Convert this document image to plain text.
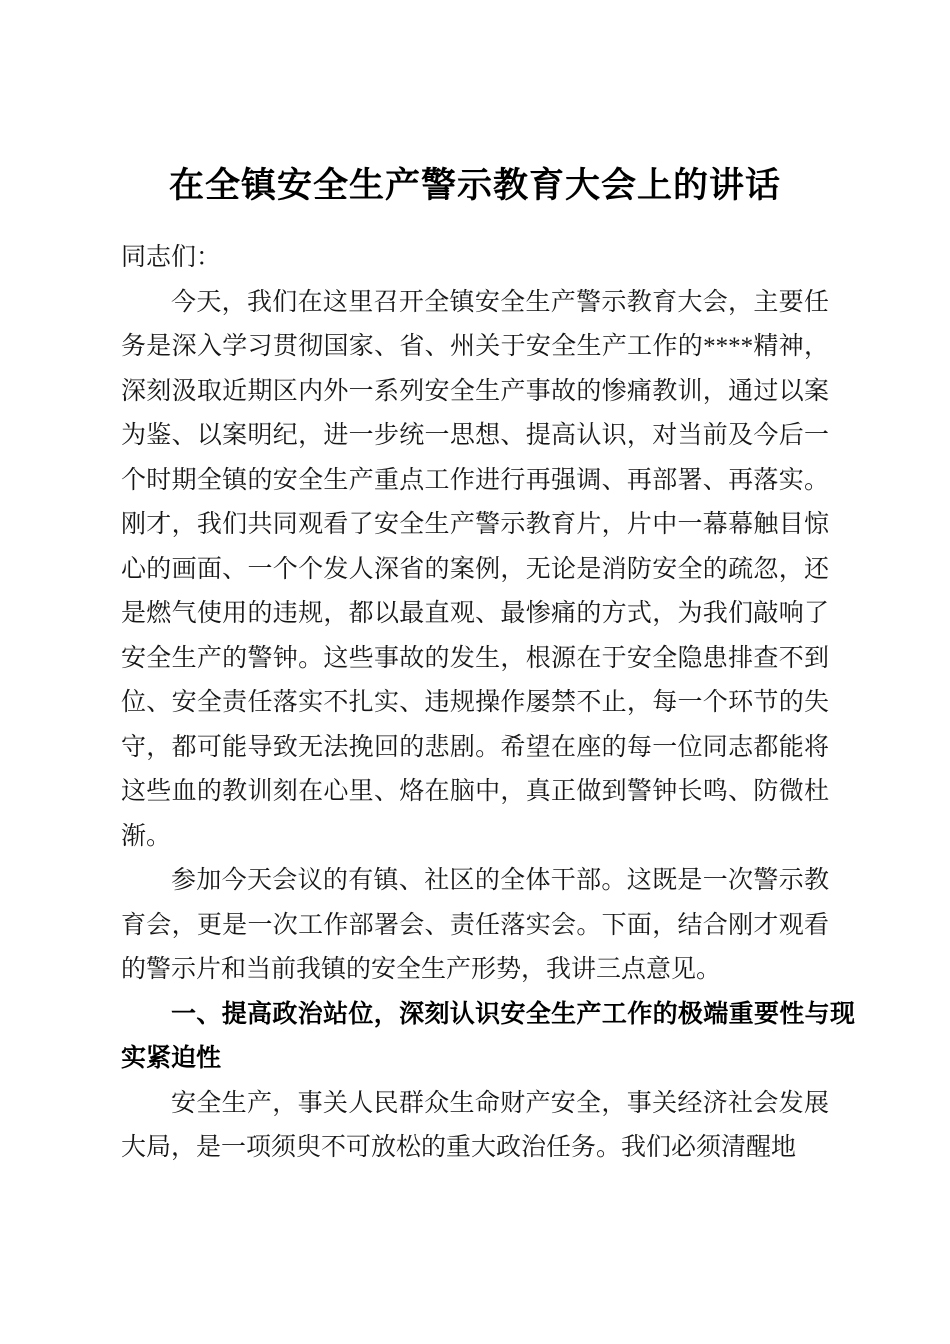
在全镇安全生产警示教育大会上的讲话

同志们：

今天，我们在这里召开全镇安全生产警示教育大会，主要任务是深入学习贯彻国家、省、州关于安全生产工作的****精神，深刻汲取近期区内外一系列安全生产事故的惨痛教训，通过以案为鉴、以案明纪，进一步统一思想、提高认识，对当前及今后一个时期全镇的安全生产重点工作进行再强调、再部署、再落实。刚才，我们共同观看了安全生产警示教育片，片中一幕幕触目惊心的画面、一个个发人深省的案例，无论是消防安全的疏忽，还是燃气使用的违规，都以最直观、最惨痛的方式，为我们敲响了安全生产的警钟。这些事故的发生，根源在于安全隐患排查不到位、安全责任落实不扎实、违规操作屡禁不止，每一个环节的失守，都可能导致无法挽回的悲剧。希望在座的每一位同志都能将这些血的教训刻在心里、烙在脑中，真正做到警钟长鸣、防微杜渐。

参加今天会议的有镇、社区的全体干部。这既是一次警示教育会，更是一次工作部署会、责任落实会。下面，结合刚才观看的警示片和当前我镇的安全生产形势，我讲三点意见。

一、提高政治站位，深刻认识安全生产工作的极端重要性与现实紧迫性

安全生产，事关人民群众生命财产安全，事关经济社会发展大局，是一项须臾不可放松的重大政治任务。我们必须清醒地
